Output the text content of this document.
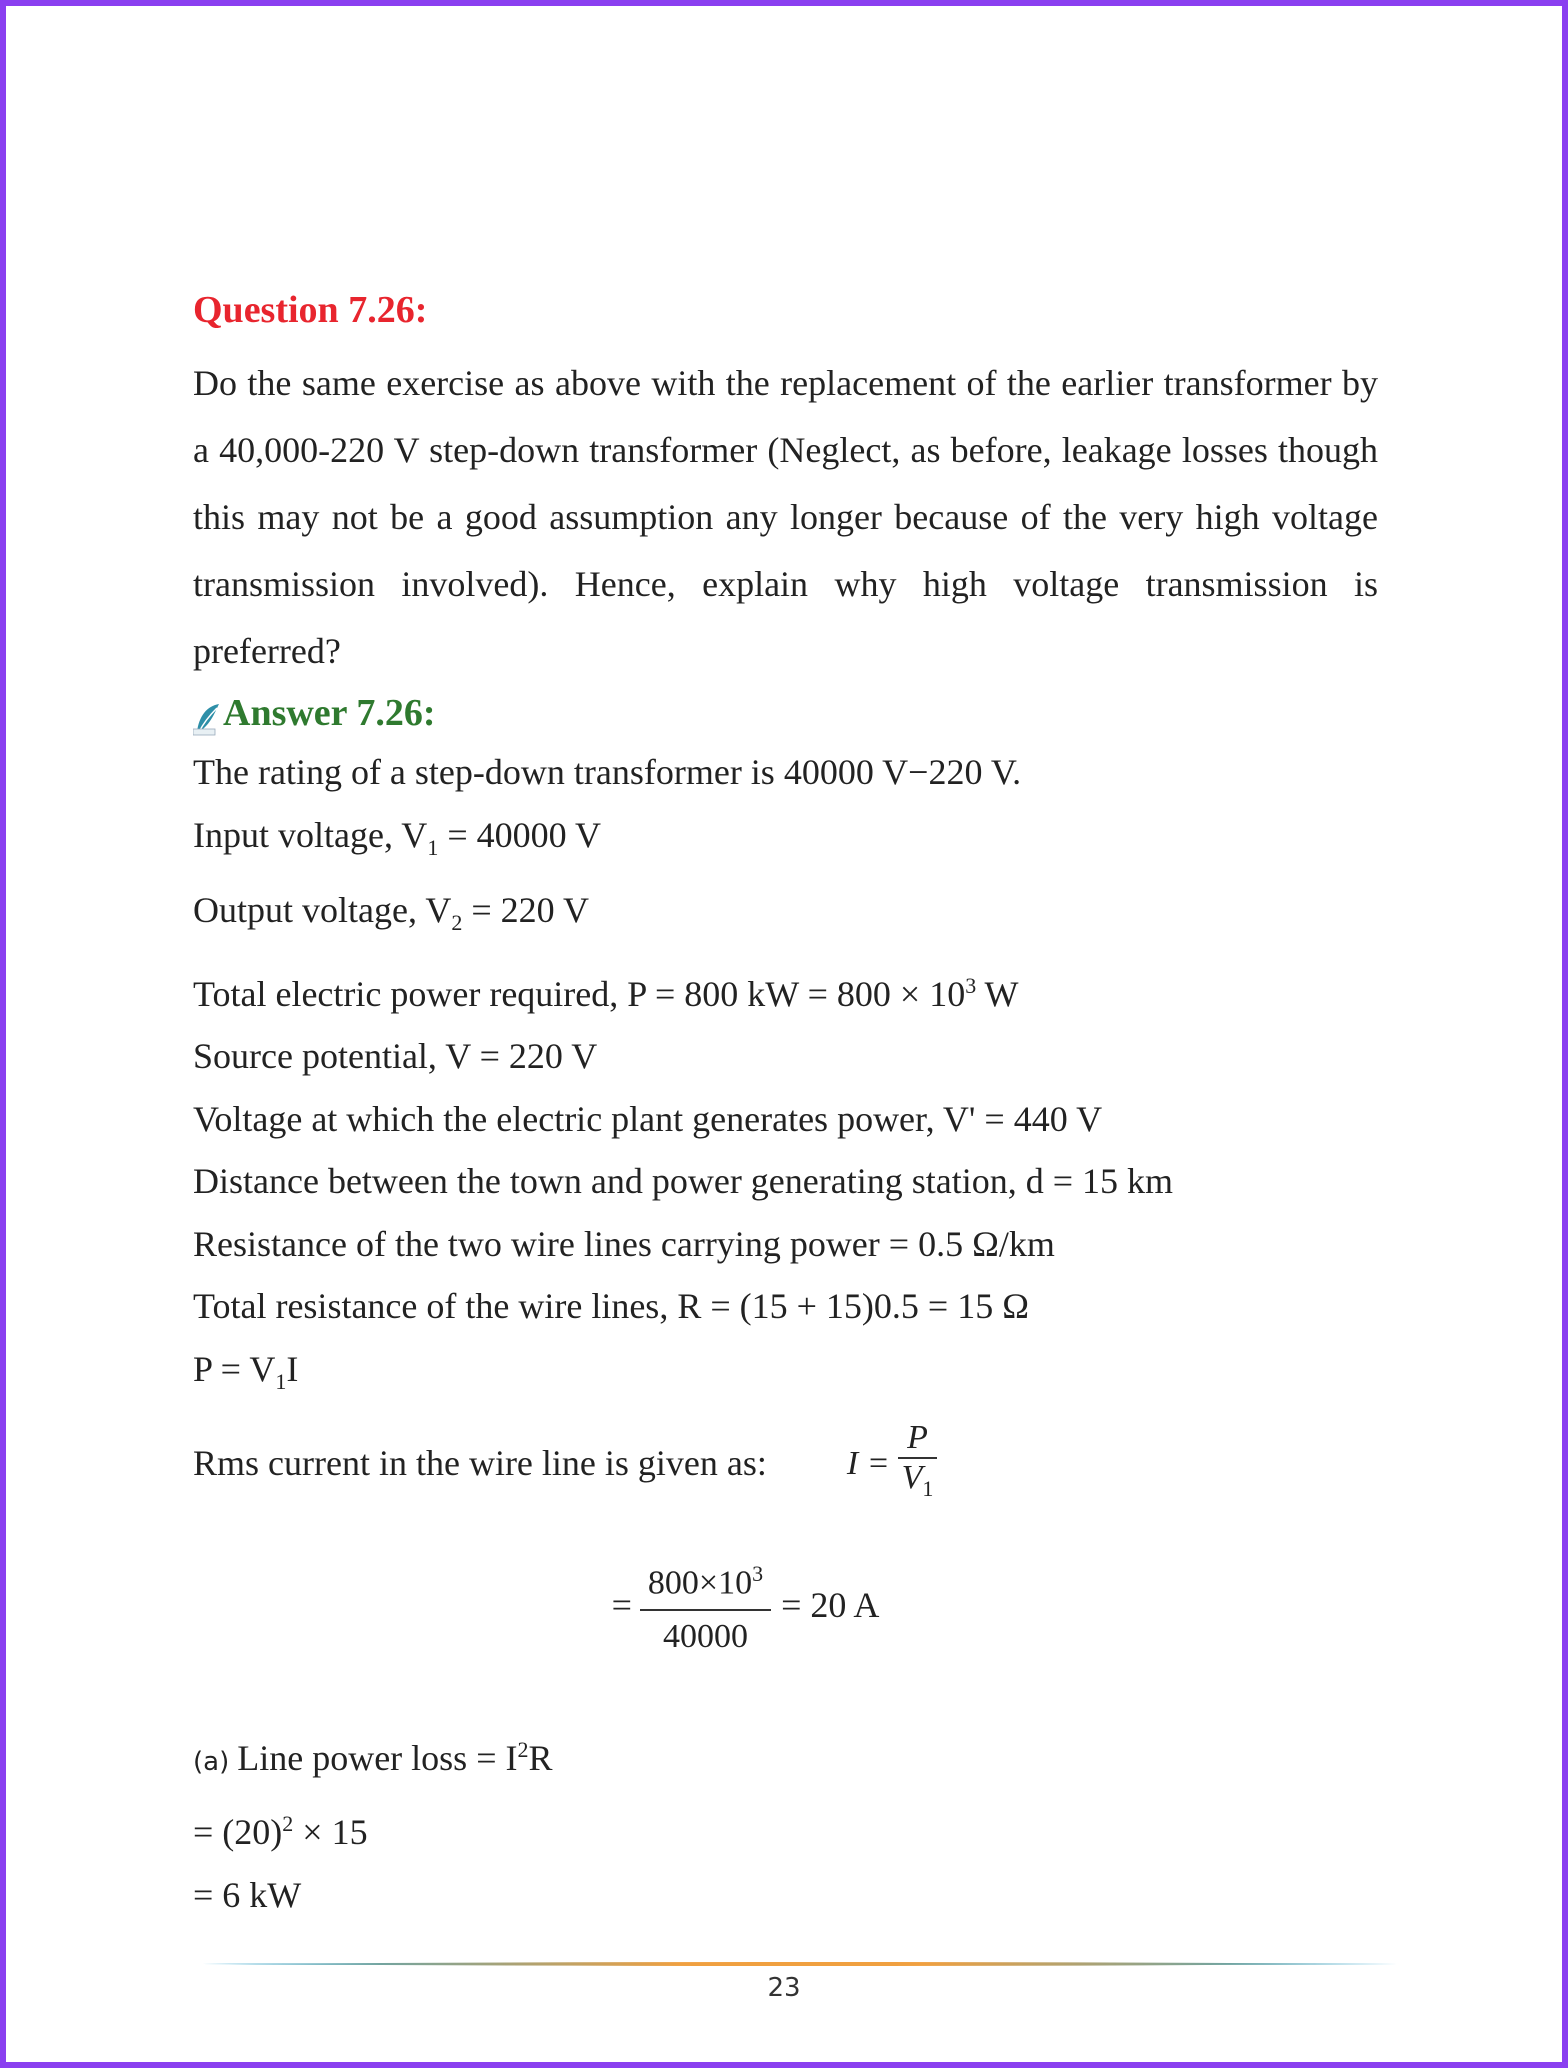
Question 7.26:

Do the same exercise as above with the replacement of the earlier transformer by a 40,000-220 V step-down transformer (Neglect, as before, leakage losses though this may not be a good assumption any longer because of the very high voltage transmission involved). Hence, explain why high voltage transmission is preferred?

Answer 7.26:

The rating of a step-down transformer is 40000 V−220 V.

Input voltage, $V_1 = 40000$ V

Output voltage, $V_2 = 220$ V

Total electric power required, P = 800 kW = $800 \times 10^3$ W

Source potential, V = 220 V

Voltage at which the electric plant generates power, V' = 440 V

Distance between the town and power generating station, d = 15 km

Resistance of the two wire lines carrying power = 0.5 Ω/km

Total resistance of the wire lines, R = (15 + 15)0.5 = 15 Ω

$P = V_1I$

Rms current in the wire line is given as: $I = \frac{P}{V_1}$
= $\frac{800\times 10^3}{40000} = 20$ A

(a) Line power loss = $I^2R$

= $(20)^2 \times 15$

= 6 kW

23
